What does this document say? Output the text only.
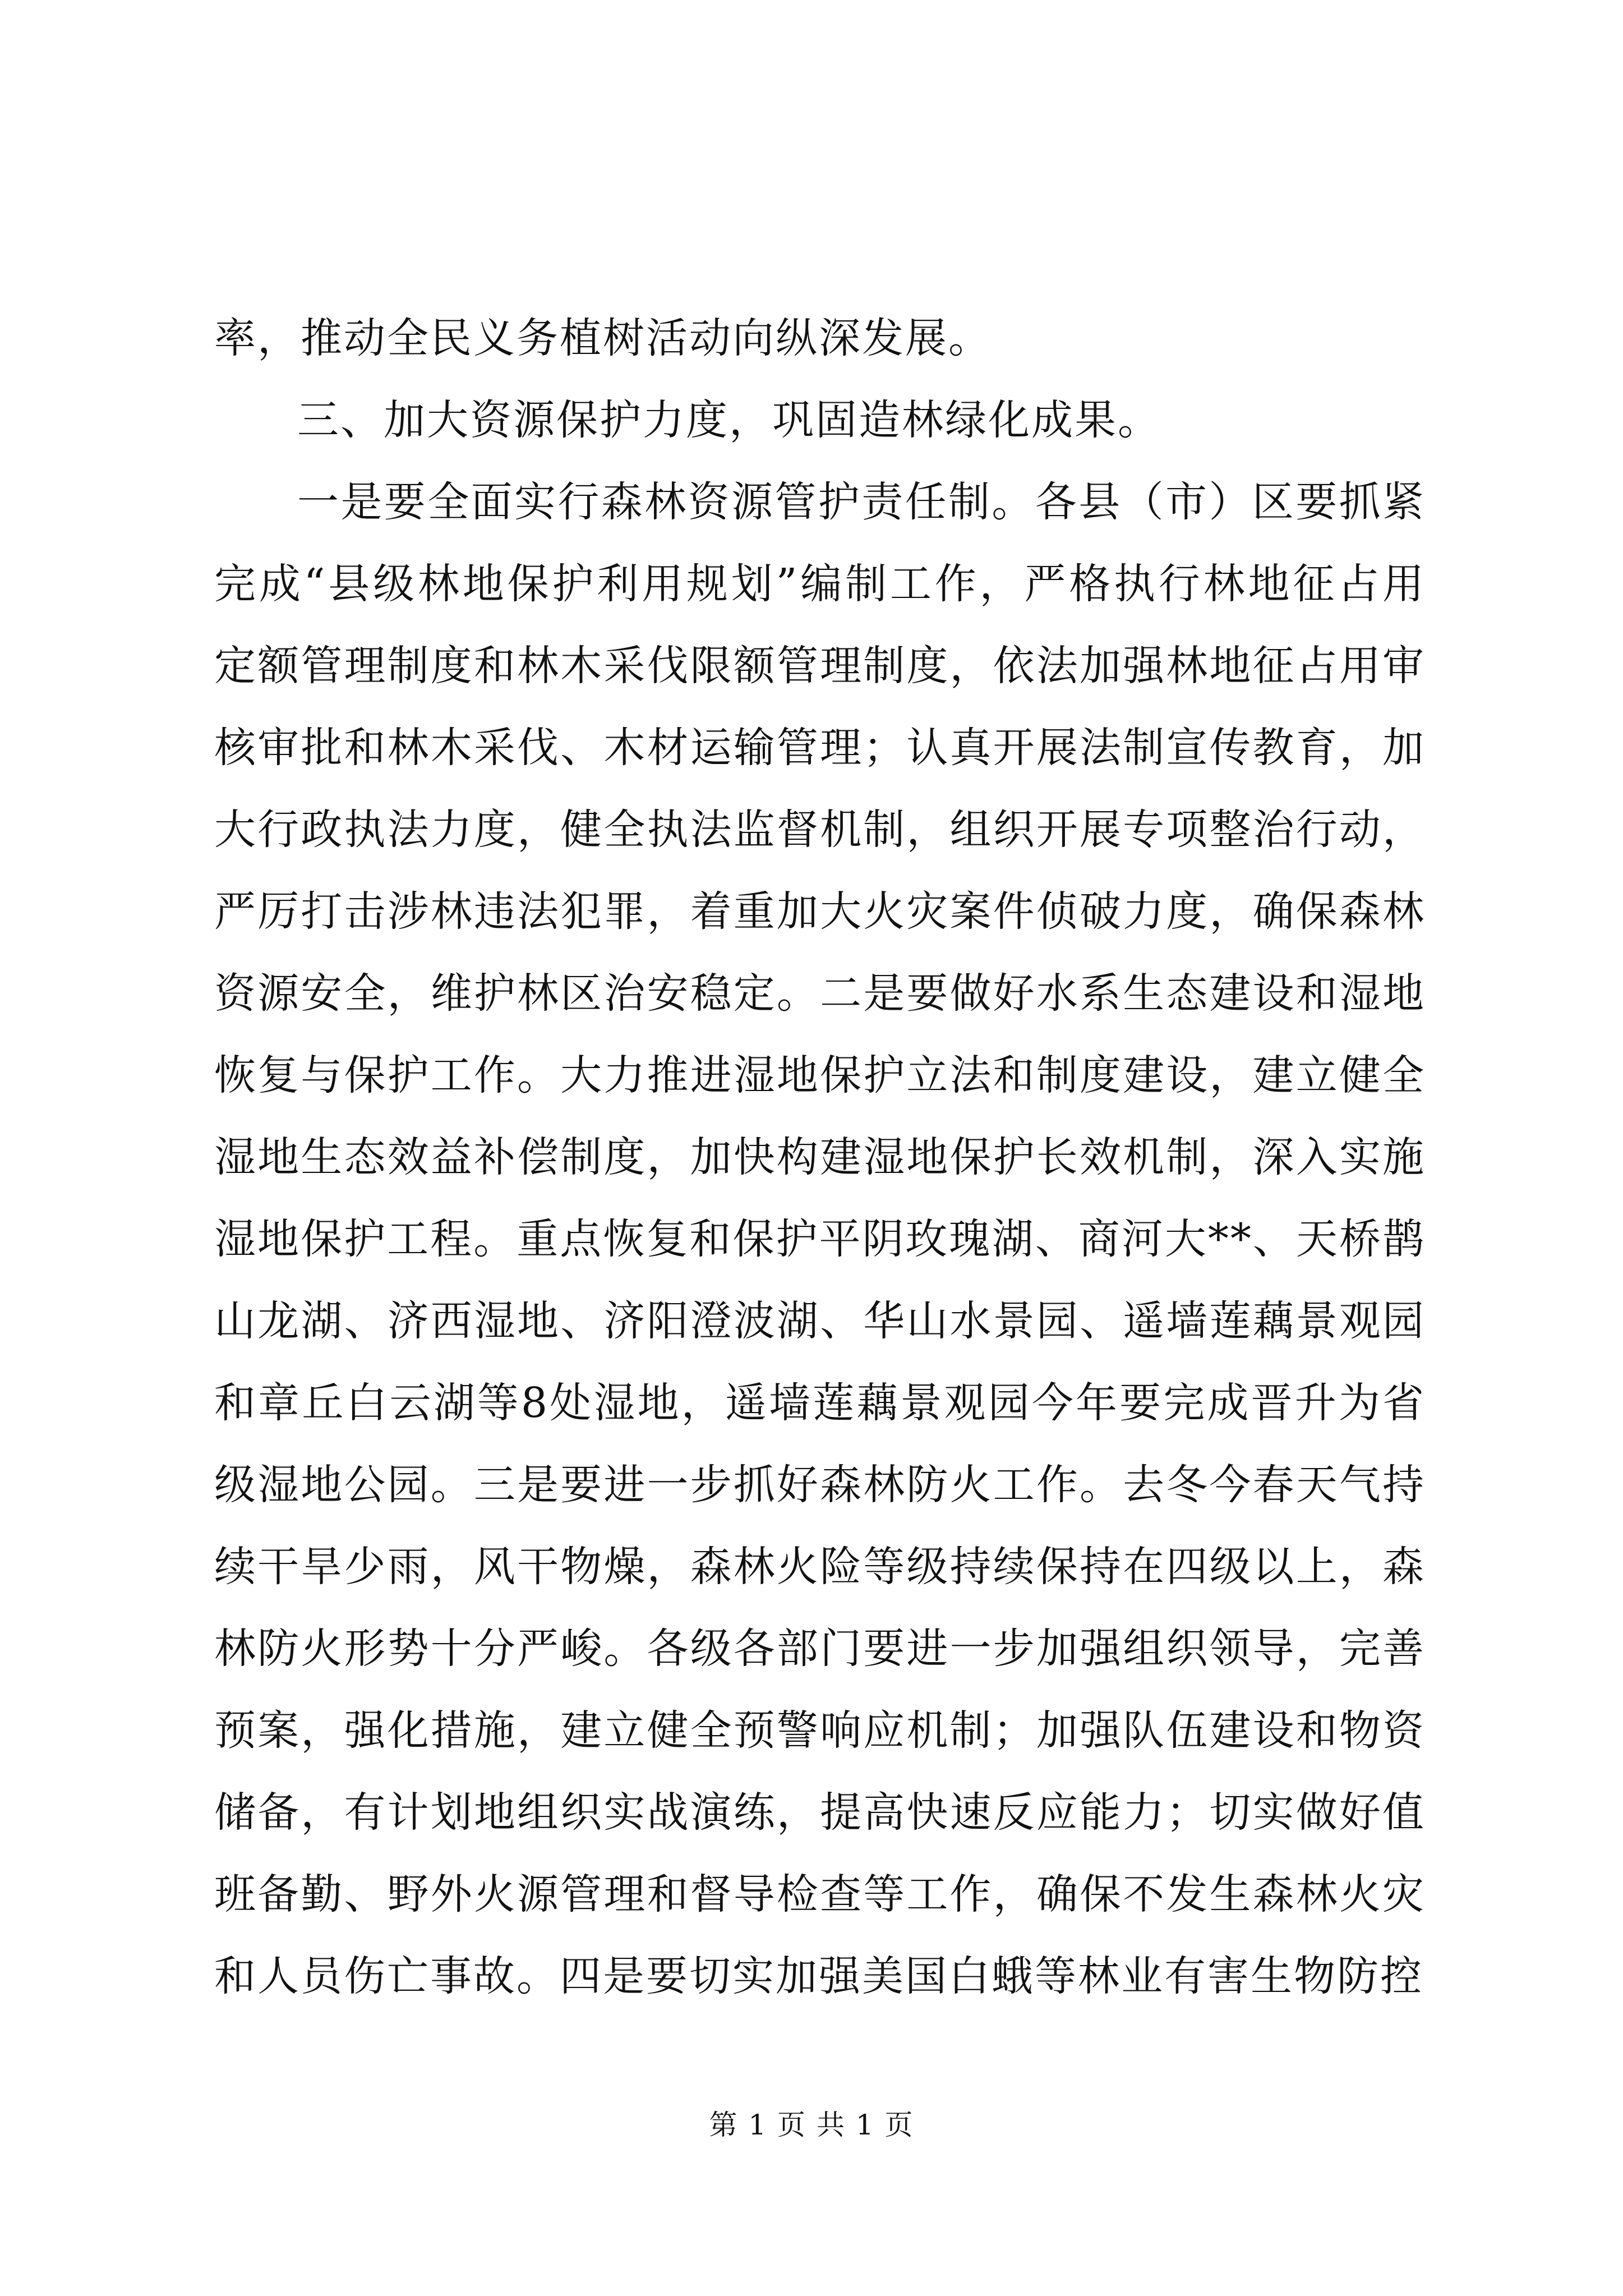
率，推动全民义务植树活动向纵深发展。

三、加大资源保护力度，巩固造林绿化成果。

一是要全面实行森林资源管护责任制。各县（市）区要抓紧完成“县级林地保护利用规划”编制工作，严格执行林地征占用定额管理制度和林木采伐限额管理制度，依法加强林地征占用审核审批和林木采伐、木材运输管理；认真开展法制宣传教育，加大行政执法力度，健全执法监督机制，组织开展专项整治行动，严厉打击涉林违法犯罪，着重加大火灾案件侦破力度，确保森林资源安全，维护林区治安稳定。二是要做好水系生态建设和湿地恢复与保护工作。大力推进湿地保护立法和制度建设，建立健全湿地生态效益补偿制度，加快构建湿地保护长效机制，深入实施湿地保护工程。重点恢复和保护平阴玫瑰湖、商河大**、天桥鹊山龙湖、济西湿地、济阳澄波湖、华山水景园、遥墙莲藕景观园和章丘白云湖等8处湿地，遥墙莲藕景观园今年要完成晋升为省级湿地公园。三是要进一步抓好森林防火工作。去冬今春天气持续干旱少雨，风干物燥，森林火险等级持续保持在四级以上，森林防火形势十分严峻。各级各部门要进一步加强组织领导，完善预案，强化措施，建立健全预警响应机制；加强队伍建设和物资储备，有计划地组织实战演练，提高快速反应能力；切实做好值班备勤、野外火源管理和督导检查等工作，确保不发生森林火灾和人员伤亡事故。四是要切实加强美国白蛾等林业有害生物防控

第 1 页 共 1 页
